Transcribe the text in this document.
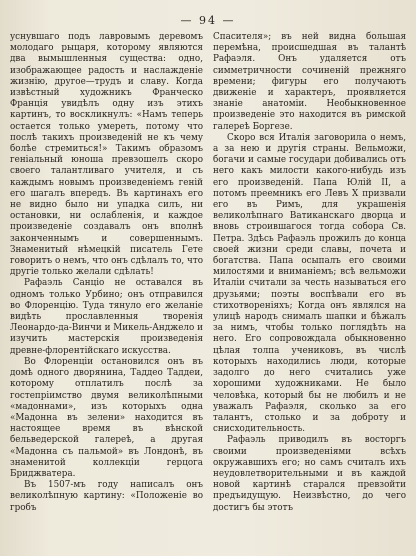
— 94 —

уснувшаго подъ лавровымъ деревомъ молодаго рыцаря, которому являются два вымышленныя существа: одно, изображающее радость и наслажденіе жизнію, другое—трудъ и славу. Когда извѣстный художникъ Франческо Франція увидѣлъ одну изъ этихъ картинъ, то воскликнулъ: «Намъ теперь остается только умереть, потому что послѣ такихъ произведеній не къ чему болѣе стремиться!» Такимъ образомъ геніальный юноша превзошелъ скоро своего талантливаго учителя, и съ каждымъ новымъ произведеніемъ геній его шагалъ впередъ. Въ картинахъ его не видно было ни упадка силъ, ни остановки, ни ослабленія, и каждое произведеніе создавалъ онъ вполнѣ законченнымъ и совершеннымъ. Знаменитый нѣмецкій писатель Гете говоритъ о немъ, что онъ сдѣлалъ то, что другіе только желали сдѣлать!

Рафаэль Санціо не оставался въ одномъ только Урбино; онъ отправился во Флоренцію. Туда тянуло его желаніе видѣть прославленныя творенія Леонардо-да-Винчи и Микель-Анджело и изучить мастерскія произведенія древне-флорентійскаго искусства.

Во Флоренціи остановился онъ въ домѣ одного дворянина, Таддео Таддеи, которому отплатилъ послѣ за гостепріимство двумя великолѣпными «мадоннами», изъ которыхъ одна «Мадонна въ зелени» находится въ настоящее время въ вѣнской бельведерской галереѣ, а другая «Мадонна съ пальмой» въ Лондонѣ, въ знаменитой коллекціи герцога Бриджватера.

Въ 1507-мъ году написалъ онъ великолѣпную картину: «Положеніе во гробъ

Спасителя»; въ ней видна большая перемѣна, происшедшая въ талантѣ Рафаэля. Онъ удаляется отъ симметричности сочиненій прежняго времени; фигуры его получаютъ движеніе и характеръ, проявляется знаніе анатоміи. Необыкновенное произведеніе это находится въ римской галереѣ Боргезе.

Скоро вся Италія заговорила о немъ, а за нею и другія страны. Вельможи, богачи и самые государи добивались отъ него какъ милости какого-нибудь изъ его произведеній. Папа Юлій II, а потомъ преемникъ его Левъ X призвали его въ Римъ, для украшенія великолѣпнаго Ватиканскаго дворца и вновь строившагося тогда собора Св. Петра. Здѣсь Рафаэль прожилъ до конца своей жизни среди славы, почета и богатства. Папа осыпалъ его своими милостями и вниманіемъ; всѣ вельможи Италіи считали за честь называться его друзьями; поэты воспѣвали его въ стихотвореніяхъ; Когда онъ являлся на улицѣ народъ снималъ шапки и бѣжалъ за нимъ, чтобы только поглядѣть на него. Его сопровождала обыкновенно цѣлая толпа учениковъ, въ числѣ которыхъ находились люди, которые задолго до него считались уже хорошими художниками. Не было человѣка, который бы не любилъ и не уважалъ Рафаэля, сколько за его талантъ, столько и за доброту и снисходительность.

Рафаэль приводилъ въ восторгъ своими произведеніями всѣхъ окружавшихъ его; но самъ считалъ ихъ неудовлетворительными и въ каждой новой картинѣ старался превзойти предъидущую. Неизвѣстно, до чего достигъ бы этотъ
